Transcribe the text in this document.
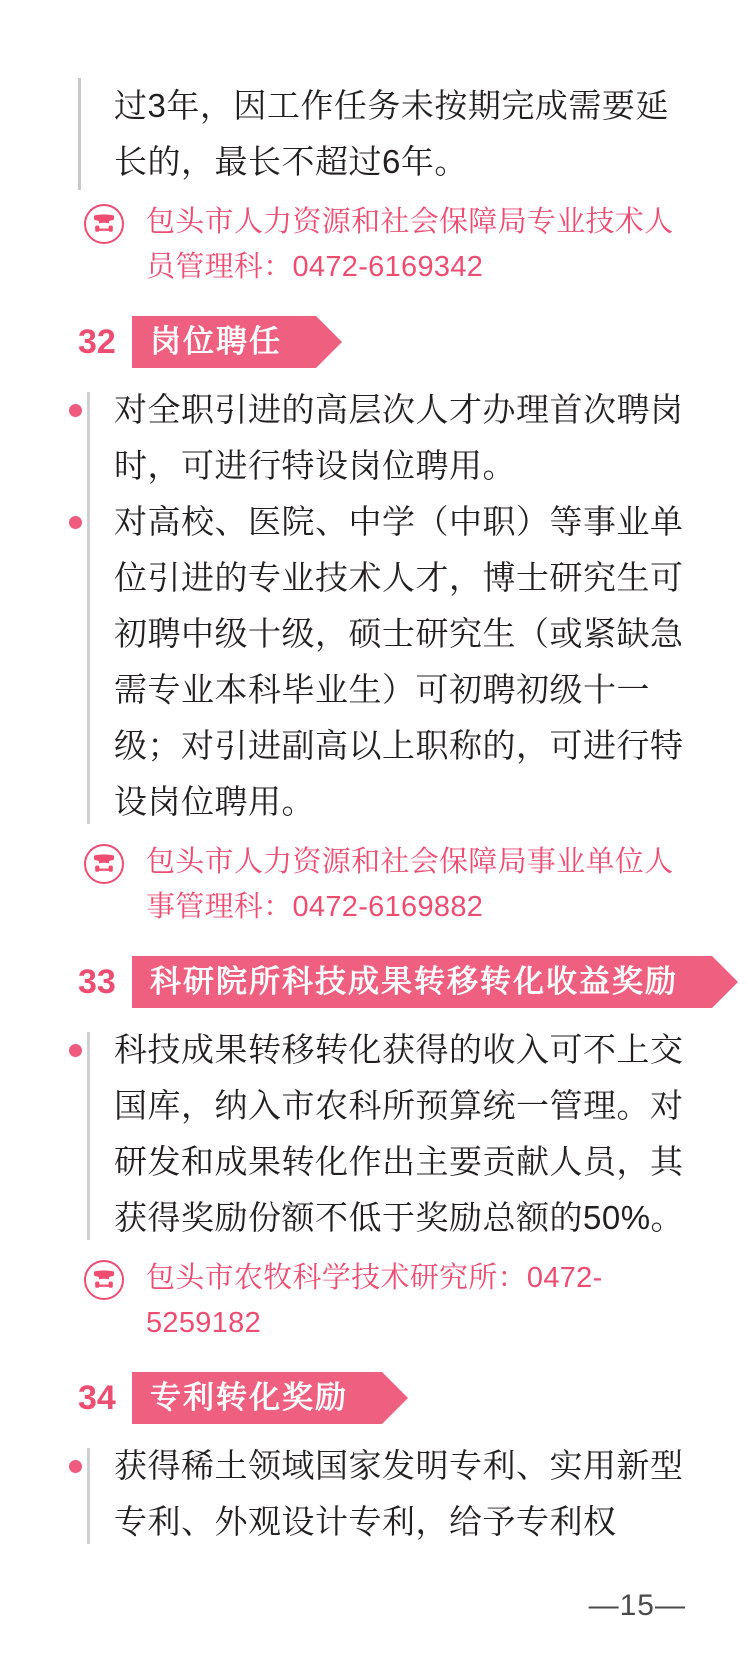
过3年，因工作任务未按期完成需要延长的，最长不超过6年。
包头市人力资源和社会保障局专业技术人员管理科：0472-6169342
32	岗位聘任
对全职引进的高层次人才办理首次聘岗时，可进行特设岗位聘用。
对高校、医院、中学（中职）等事业单位引进的专业技术人才，博士研究生可初聘中级十级，硕士研究生（或紧缺急需专业本科毕业生）可初聘初级十一级；对引进副高以上职称的，可进行特设岗位聘用。
包头市人力资源和社会保障局事业单位人事管理科：0472-6169882
33	科研院所科技成果转移转化收益奖励
科技成果转移转化获得的收入可不上交国库，纳入市农科所预算统一管理。对研发和成果转化作出主要贡献人员，其获得奖励份额不低于奖励总额的50%。
包头市农牧科学技术研究所：0472-5259182
34	专利转化奖励
获得稀土领域国家发明专利、实用新型专利、外观设计专利，给予专利权
—15—
